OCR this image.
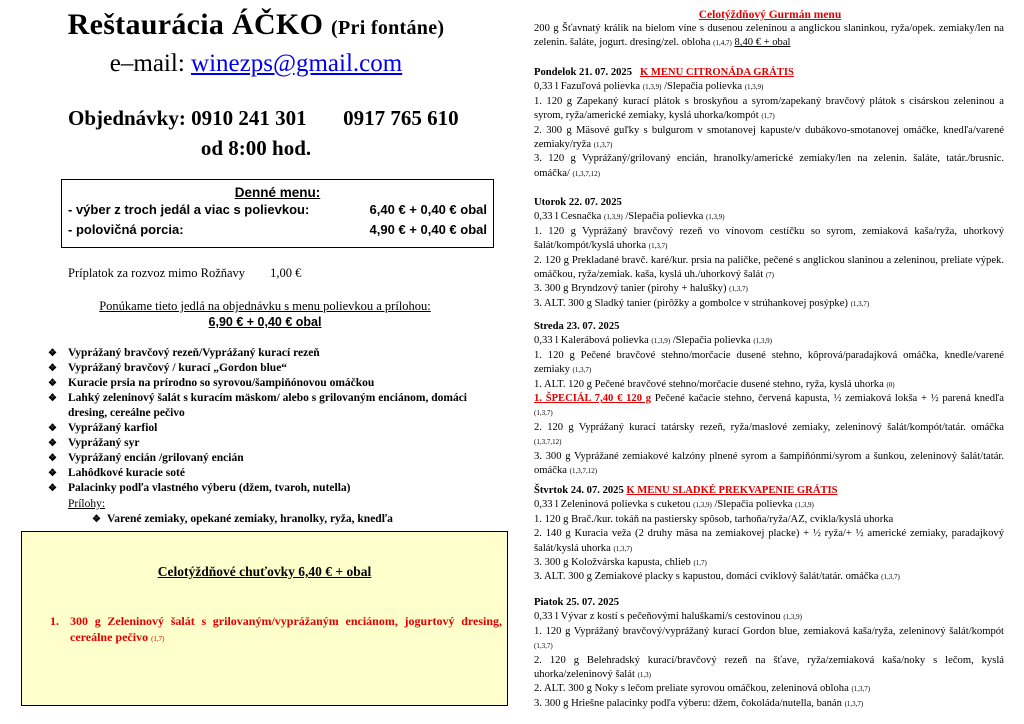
Reštaurácia ÁČKO (Pri fontáne)
e–mail: winezps@gmail.com
Objednávky: 0910 241 301 0917 765 610
od 8:00 hod.
Denné menu:
- výber z troch jedál a viac s polievkou:	6,40 € + 0,40 € obal
- polovičná porcia:	4,90 € + 0,40 € obal
Príplatok za rozvoz mimo Rožňavy 1,00 €
Ponúkame tieto jedlá na objednávku s menu polievkou a prílohou:
6,90 € + 0,40 € obal
❖ Vyprážaný bravčový rezeň/Vyprážaný kurací rezeň
❖ Vyprážaný bravčový / kurací „Gordon blue“
❖ Kuracie prsia na prírodno so syrovou/šampiňónovou omáčkou
❖ Lahký zeleninový šalát s kuracím mäskom/ alebo s grilovaným enciánom, domáci dresing, cereálne pečivo
❖ Vyprážaný karfiol
❖ Vyprážaný syr
❖ Vyprážaný encián /grilovaný encián
❖ Lahôdkové kuracie soté
❖ Palacinky podľa vlastného výberu (džem, tvaroh, nutella)
Prílohy:
❖ Varené zemiaky, opekané zemiaky, hranolky, ryža, knedľa
Celotýždňové chuťovky 6,40 € + obal
1. 300 g Zeleninový šalát s grilovaným/vyprážaným enciánom, jogurtový dresing, cereálne pečivo (1,7)
Celotýždňový Gurmán menu
200 g Šťavnatý králik na bielom víne s dusenou zeleninou a anglickou slaninkou, ryža/opek. zemiaky/len na zelenin. šaláte, jogurt. dresing/zel. obloha (1,4,7) 8,40 € + obal
Pondelok 21. 07. 2025 K MENU CITRONÁDA GRÁTIS

0,33 l Fazuľová polievka (1,3,9) /Slepačia polievka (1,3,9)

1. 120 g Zapekaný kurací plátok s broskyňou a syrom/zapekaný bravčový plátok s cisárskou zeleninou a syrom, ryža/americké zemiaky, kyslá uhorka/kompót (1,7)

2. 300 g Mäsové guľky s bulgurom v smotanovej kapuste/v dubákovo-smotanovej omáčke, knedľa/varené zemiaky/ryža (1,3,7)

3. 120 g Vyprážaný/grilovaný encián, hranolky/americké zemiaky/len na zelenin. šaláte, tatár./brusnic. omáčka/ (1,3,7,12)

Utorok 22. 07. 2025

0,33 l Cesnačka (1,3,9) /Slepačia polievka (1,3,9)

1. 120 g Vyprážaný bravčový rezeň vo vínovom cestíčku so syrom, zemiaková kaša/ryža, uhorkový šalát/kompót/kyslá uhorka (1,3,7)

2. 120 g Prekladané bravč. karé/kur. prsia na paličke, pečené s anglickou slaninou a zeleninou, preliate výpek. omáčkou, ryža/zemiak. kaša, kyslá uh./uhorkový šalát (7)

3. 300 g Bryndzový tanier (pirohy + halušky) (1,3,7)

3. ALT. 300 g Sladký tanier (pirôžky a gombolce v strúhankovej posýpke) (1,3,7)

Streda 23. 07. 2025

0,33 l Kalerábová polievka (1,3,9) /Slepačia polievka (1,3,9)

1. 120 g Pečené bravčové stehno/morčacie dusené stehno, kôprová/paradajková omáčka, knedle/varené zemiaky (1,3,7)

1. ALT. 120 g Pečené bravčové stehno/morčacie dusené stehno, ryža, kyslá uhorka (0)

1. ŠPECIÁL 7,40 € 120 g Pečené kačacie stehno, červená kapusta, ½ zemiaková lokša + ½ parená knedľa (1,3,7)

2. 120 g Vyprážaný kurací tatársky rezeň, ryža/maslové zemiaky, zeleninový šalát/kompót/tatár. omáčka (1,3,7,12)

3. 300 g Vyprážané zemiakové kalzóny plnené syrom a šampiňónmi/syrom a šunkou, zeleninový šalát/tatár. omáčka (1,3,7,12)

Štvrtok 24. 07. 2025 K MENU SLADKÉ PREKVAPENIE GRÁTIS

0,33 l Zeleninová polievka s cuketou (1,3,9) /Slepačia polievka (1,3,9)

1. 120 g Brač./kur. tokáň na pastiersky spôsob, tarhoňa/ryža/AZ, cvikla/kyslá uhorka

2. 140 g Kuracia veža (2 druhy mäsa na zemiakovej placke) + ½ ryža/+ ½ americké zemiaky, paradajkový šalát/kyslá uhorka (1,3,7)

3. 300 g Koložvárska kapusta, chlieb (1,7)

3. ALT. 300 g Zemiakové placky s kapustou, domáci cviklový šalát/tatár. omáčka (1,3,7)

Piatok 25. 07. 2025

0,33 l Vývar z kostí s pečeňovými haluškami/s cestovinou (1,3,9)

1. 120 g Vyprážaný bravčový/vyprážaný kurací Gordon blue, zemiaková kaša/ryža, zeleninový šalát/kompót (1,3,7)

2. 120 g Belehradský kurací/bravčový rezeň na šťave, ryža/zemiaková kaša/noky s lečom, kyslá uhorka/zeleninový šalát (1,3)

2. ALT. 300 g Noky s lečom preliate syrovou omáčkou, zeleninová obloha (1,3,7)

3. 300 g Hriešne palacinky podľa výberu: džem, čokoláda/nutella, banán (1,3,7)
